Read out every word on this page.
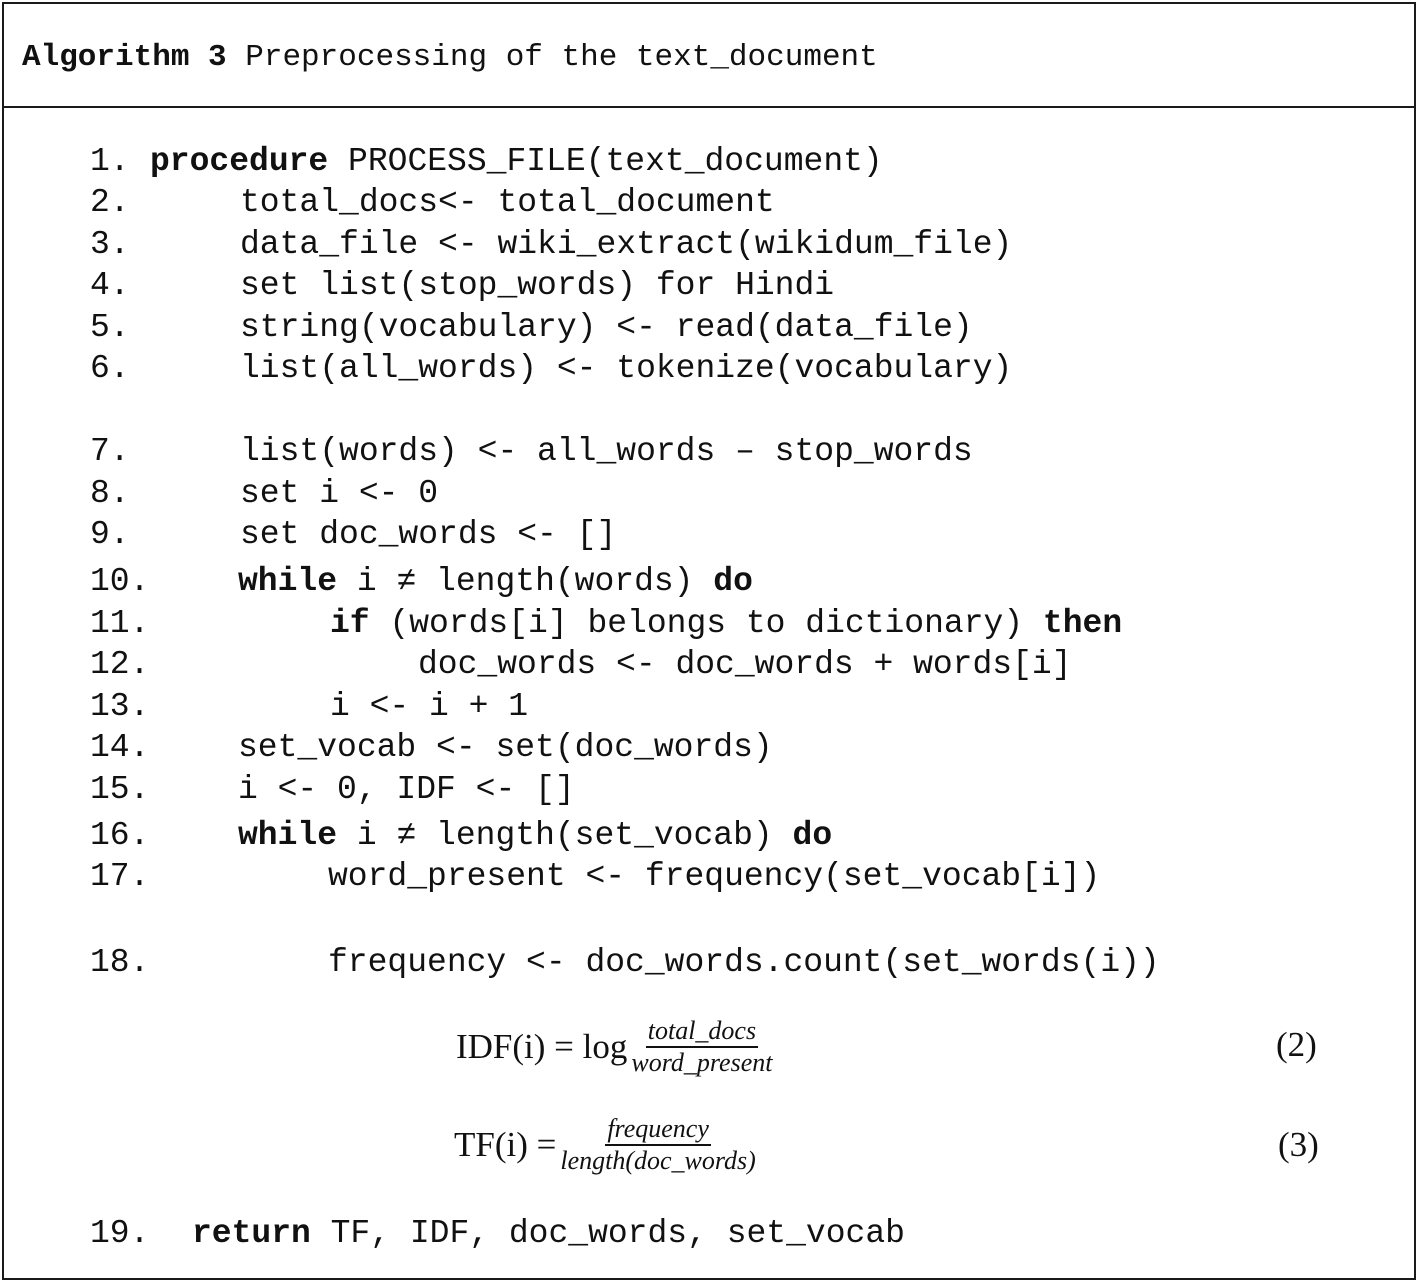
Algorithm 3 Preprocessing of the text_document
1. procedure PROCESS_FILE(text_document)
2.	total_docs<- total_document
3.	data_file <- wiki_extract(wikidum_file)
4.	set list(stop_words) for Hindi
5.	string(vocabulary) <- read(data_file)
6.	list(all_words) <- tokenize(vocabulary)
7.	list(words) <- all_words – stop_words
8.	set i <- 0
9.	set doc_words <- []
10.	while i ≠ length(words) do
11.	if (words[i] belongs to dictionary) then
12.	doc_words <- doc_words + words[i]
13.	i <- i + 1
14.	set_vocab <- set(doc_words)
15.	i <- 0, IDF <- []
16.	while i ≠ length(set_vocab) do
17.	word_present <- frequency(set_vocab[i])
18.	frequency <- doc_words.count(set_words(i))
19. return TF, IDF, doc_words, set_vocab
$IDF(i) = \log \frac{\text{total\_docs}}{\text{word\_present}}$	(2)
$TF(i) = \frac{\text{frequency}}{\text{length(doc\_words)}}$	(3)
